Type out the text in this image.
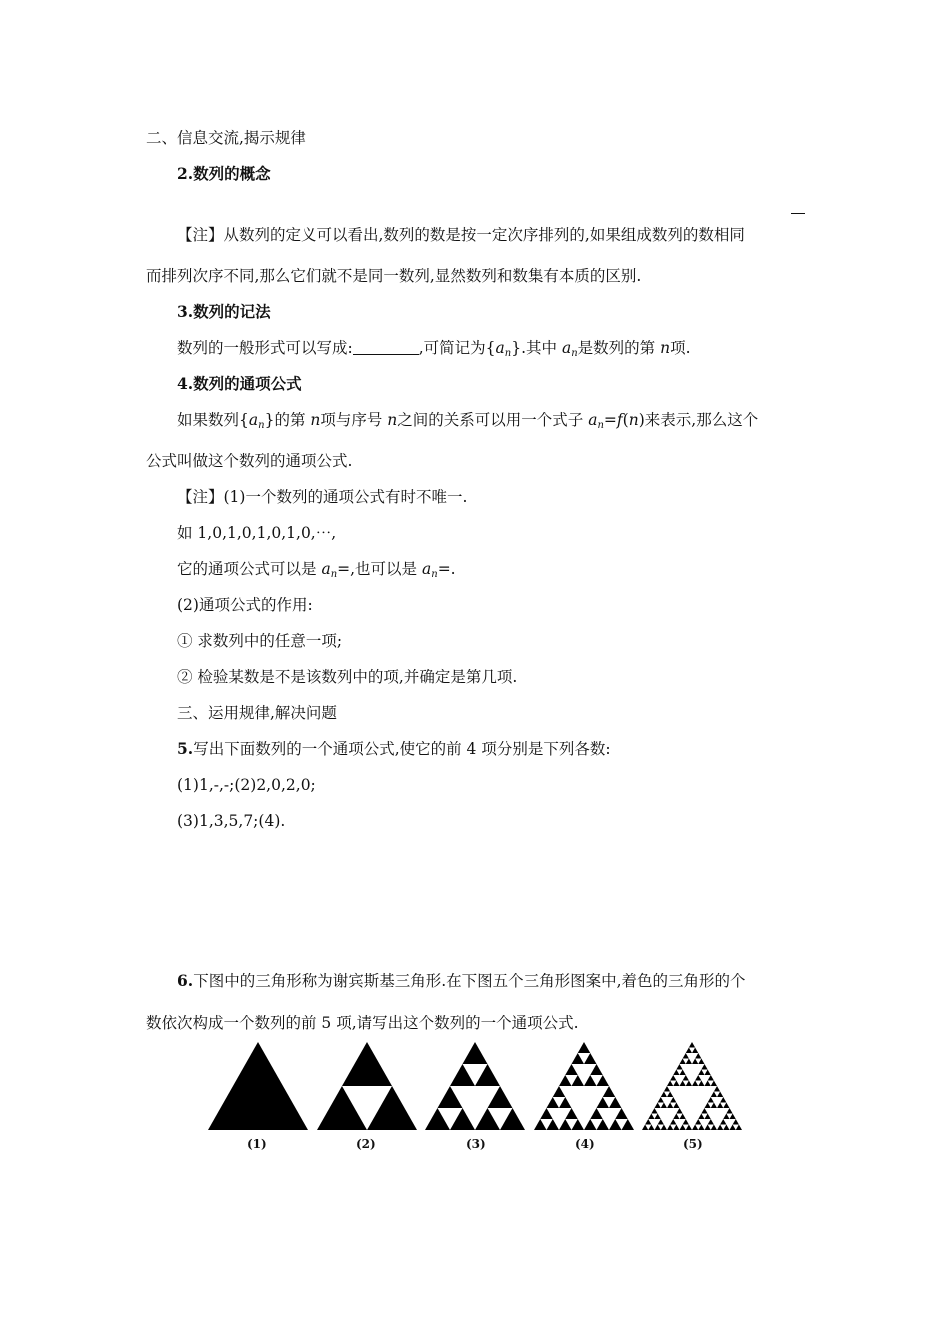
二、信息交流,揭示规律
2.数列的概念
【注】从数列的定义可以看出,数列的数是按一定次序排列的,如果组成数列的数相同
而排列次序不同,那么它们就不是同一数列,显然数列和数集有本质的区别.
3.数列的记法
数列的一般形式可以写成:	,可简记为$\{a_n\}$.其中 $a_n$是数列的第 n项.
4.数列的通项公式
如果数列$\{a_n\}$的第 n项与序号 n之间的关系可以用一个式子 $a_n=f(n)$来表示,那么这个
公式叫做这个数列的通项公式.
【注】(1)一个数列的通项公式有时不唯一.
如 1,0,1,0,1,0,1,0,⋯,
它的通项公式可以是 $a_n=$,也可以是 $a_n=$.
(2)通项公式的作用:
① 求数列中的任意一项;
② 检验某数是不是该数列中的项,并确定是第几项.
三、运用规律,解决问题
5.写出下面数列的一个通项公式,使它的前 4 项分别是下列各数:
(1)1,-,-;(2)2,0,2,0;
(3)1,3,5,7;(4).
6.下图中的三角形称为谢宾斯基三角形.在下图五个三角形图案中,着色的三角形的个
数依次构成一个数列的前 5 项,请写出这个数列的一个通项公式.
(1)	(2)	(3)	(4)	(5)
